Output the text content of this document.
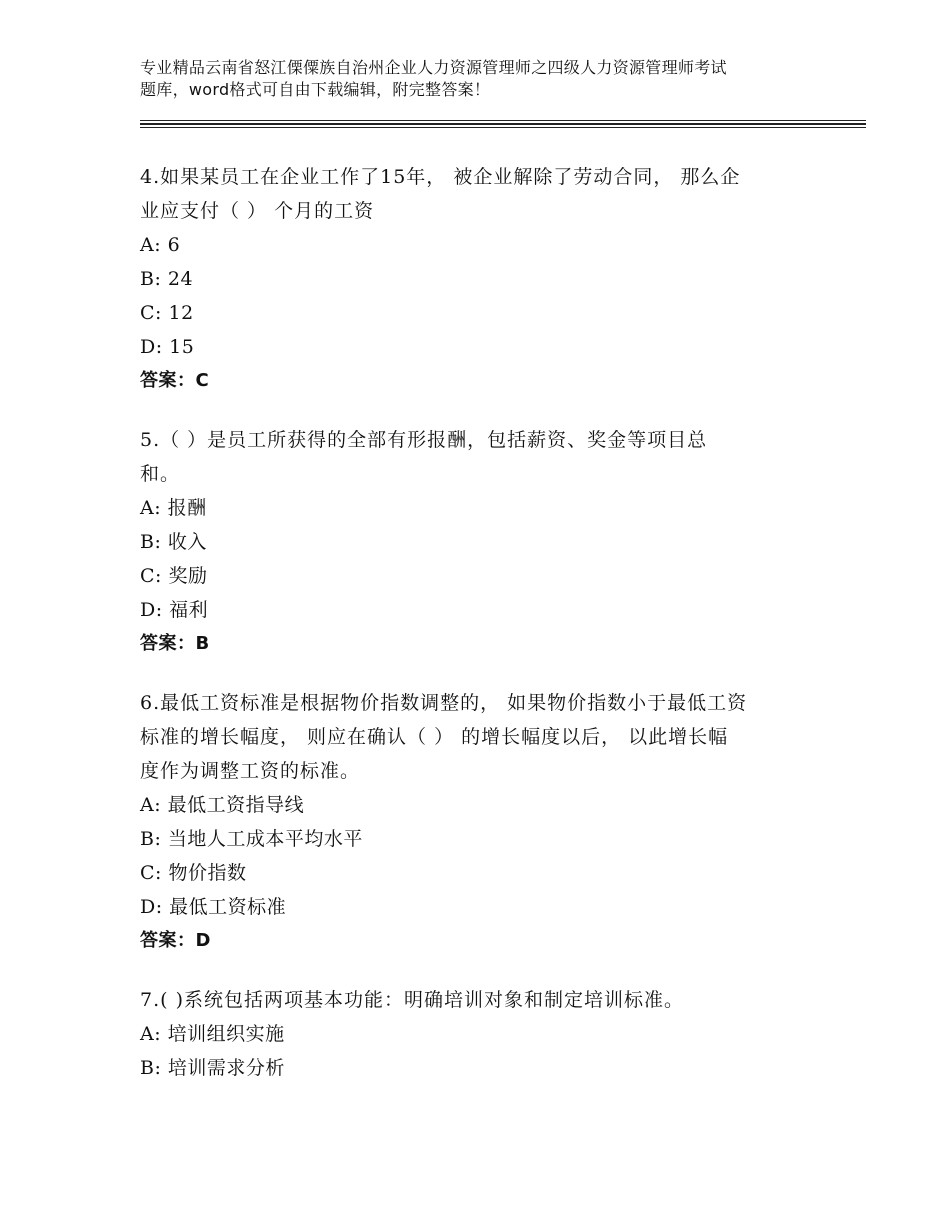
专业精品云南省怒江傈僳族自治州企业人力资源管理师之四级人力资源管理师考试
题库，word格式可自由下载编辑，附完整答案！

4.如果某员工在企业工作了15年， 被企业解除了劳动合同， 那么企
业应支付（ ） 个月的工资

A: 6
B: 24
C: 12
D: 15
答案：C

5.（ ）是员工所获得的全部有形报酬，包括薪资、奖金等项目总
和。

A: 报酬
B: 收入
C: 奖励
D: 福利
答案：B

6.最低工资标准是根据物价指数调整的， 如果物价指数小于最低工资
标准的增长幅度， 则应在确认（ ） 的增长幅度以后， 以此增长幅
度作为调整工资的标准。

A: 最低工资指导线
B: 当地人工成本平均水平
C: 物价指数
D: 最低工资标准
答案：D

7.( )系统包括两项基本功能：明确培训对象和制定培训标准。

A: 培训组织实施
B: 培训需求分析
